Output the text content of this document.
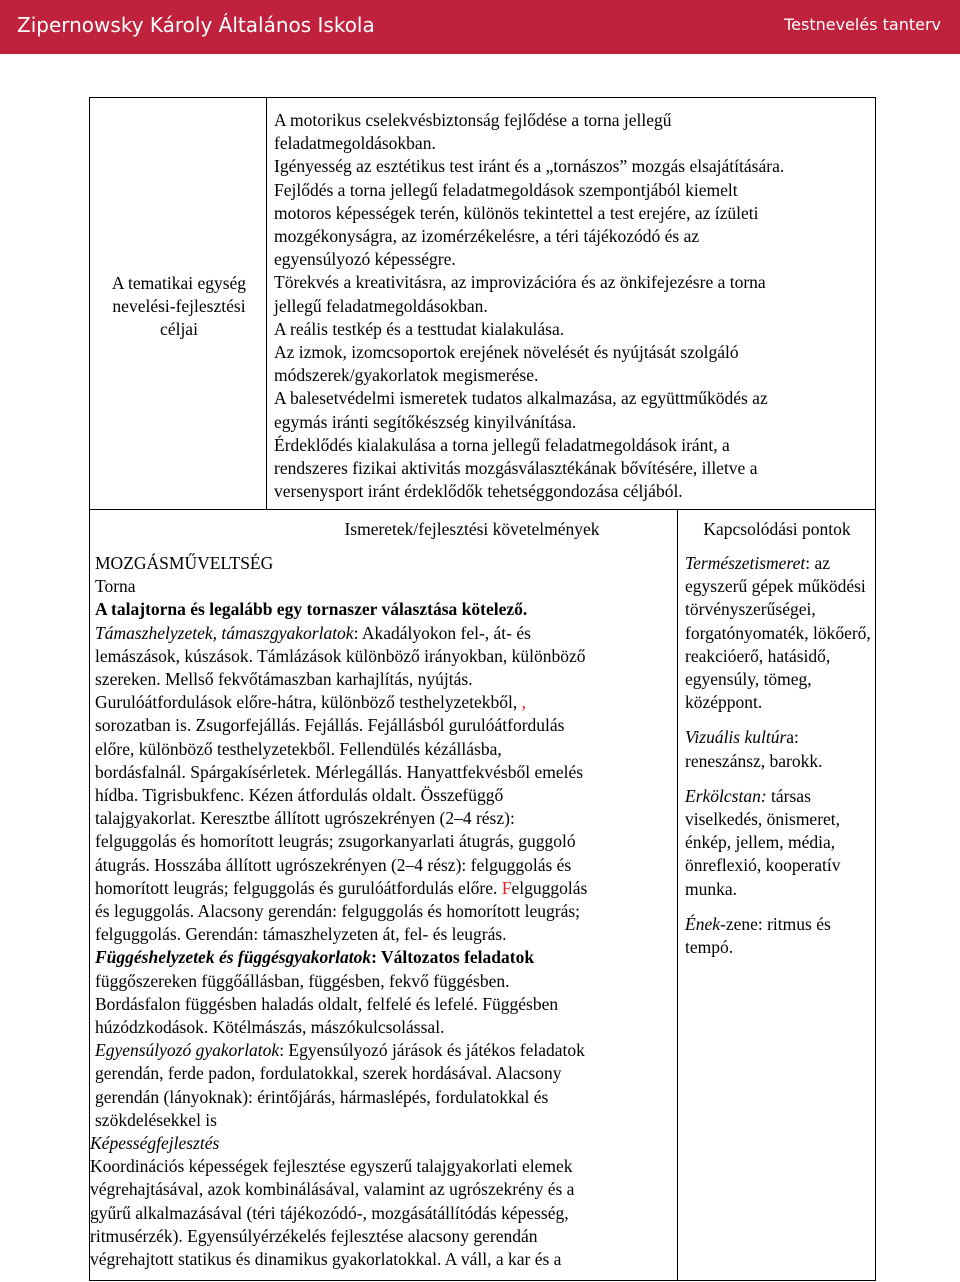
Zipernowsky Károly Általános Iskola	Testnevelés tanterv
A tematikai egység
nevelési-fejlesztési
céljai
A motorikus cselekvésbiztonság fejlődése a torna jellegű
feladatmegoldásokban.
Igényesség az esztétikus test iránt és a „tornászos” mozgás elsajátítására.
Fejlődés a torna jellegű feladatmegoldások szempontjából kiemelt
motoros képességek terén, különös tekintettel a test erejére, az ízületi
mozgékonyságra, az izomérzékelésre, a téri tájékozódó és az
egyensúlyozó képességre.
Törekvés a kreativitásra, az improvizációra és az önkifejezésre a torna
jellegű feladatmegoldásokban.
A reális testkép és a testtudat kialakulása.
Az izmok, izomcsoportok erejének növelését és nyújtását szolgáló
módszerek/gyakorlatok megismerése.
A balesetvédelmi ismeretek tudatos alkalmazása, az együttműködés az
egymás iránti segítőkészség kinyilvánítása.
Érdeklődés kialakulása a torna jellegű feladatmegoldások iránt, a
rendszeres fizikai aktivitás mozgásválasztékának bővítésére, illetve a
versenysport iránt érdeklődők tehetséggondozása céljából.
Ismeretek/fejlesztési követelmények	Kapcsolódási pontok
MOZGÁSMŰVELTSÉG
Torna
A talajtorna és legalább egy tornaszer választása kötelező.
Támaszhelyzetek, támaszgyakorlatok: Akadályokon fel-, át- és
lemászások, kúszások. Támlázások különböző irányokban, különböző
szereken. Mellső fekvőtámaszban karhajlítás, nyújtás.
Gurulóátfordulások előre-hátra, különböző testhelyzetekből, ,
sorozatban is. Zsugorfejállás. Fejállás. Fejállásból gurulóátfordulás
előre, különböző testhelyzetekből. Fellendülés kézállásba,
bordásfalnál. Spárgakísérletek. Mérlegállás. Hanyattfekvésből emelés
hídba. Tigrisbukfenc. Kézen átfordulás oldalt. Összefüggő
talajgyakorlat. Keresztbe állított ugrószekrényen (2–4 rész):
felguggolás és homorított leugrás; zsugorkanyarlati átugrás, guggoló
átugrás. Hosszába állított ugrószekrényen (2–4 rész): felguggolás és
homorított leugrás; felguggolás és gurulóátfordulás előre. Felguggolás
és leguggolás. Alacsony gerendán: felguggolás és homorított leugrás;
felguggolás. Gerendán: támaszhelyzeten át, fel- és leugrás.
Függéshelyzetek és függésgyakorlatok: Változatos feladatok
függőszereken függőállásban, függésben, fekvő függésben.
Bordásfalon függésben haladás oldalt, felfelé és lefelé. Függésben
húzódzkodások. Kötélmászás, mászókulcsolással.
Egyensúlyozó gyakorlatok: Egyensúlyozó járások és játékos feladatok
gerendán, ferde padon, fordulatokkal, szerek hordásával. Alacsony
gerendán (lányoknak): érintőjárás, hármaslépés, fordulatokkal és
szökdelésekkel is
Képességfejlesztés
Koordinációs képességek fejlesztése egyszerű talajgyakorlati elemek
végrehajtásával, azok kombinálásával, valamint az ugrószekrény és a
gyűrű alkalmazásával (téri tájékozódó-, mozgásátállítódás képesség,
ritmusérzék). Egyensúlyérzékelés fejlesztése alacsony gerendán
végrehajtott statikus és dinamikus gyakorlatokkal. A váll, a kar és a

Természetismeret: az egyszerű gépek működési törvényszerűségei, forgatónyomaték, lökőerő, reakcióerő, hatásidő, egyensúly, tömeg, középpont.

Vizuális kultúra: reneszánsz, barokk.

Erkölcstan: társas viselkedés, önismeret, énkép, jellem, média, önreflexió, kooperatív munka.

Ének-zene: ritmus és tempó.
